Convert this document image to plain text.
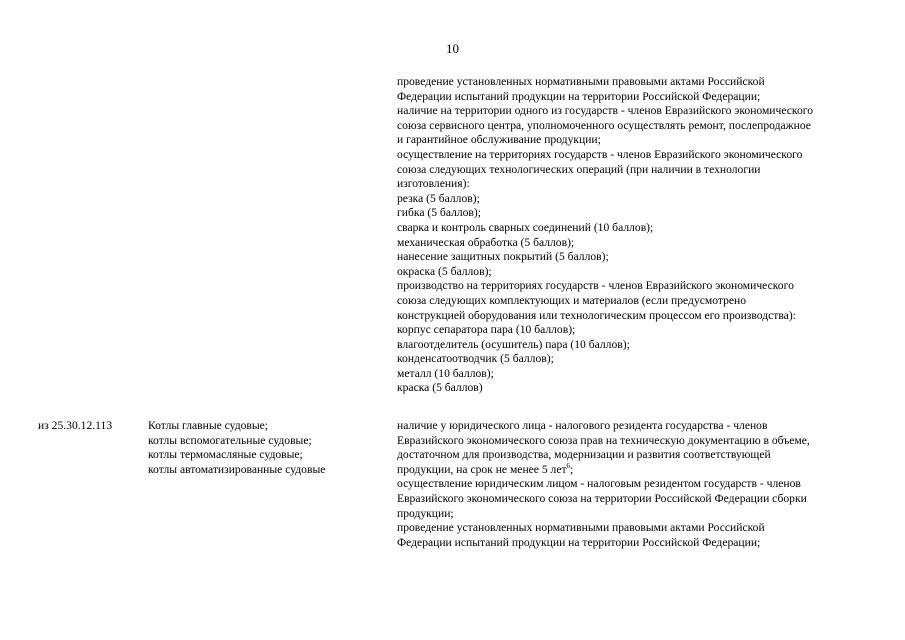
10
проведение установленных нормативными правовыми актами Российской
Федерации испытаний продукции на территории Российской Федерации;
наличие на территории одного из государств - членов Евразийского экономического
союза сервисного центра, уполномоченного осуществлять ремонт, послепродажное
и гарантийное обслуживание продукции;
осуществление на территориях государств - членов Евразийского экономического
союза следующих технологических операций (при наличии в технологии
изготовления):
резка (5 баллов);
гибка (5 баллов);
сварка и контроль сварных соединений (10 баллов);
механическая обработка (5 баллов);
нанесение защитных покрытий (5 баллов);
окраска (5 баллов);
производство на территориях государств - членов Евразийского экономического
союза следующих комплектующих и материалов (если предусмотрено
конструкцией оборудования или технологическим процессом его производства):
корпус сепаратора пара (10 баллов);
влагоотделитель (осушитель) пара (10 баллов);
конденсатоотводчик (5 баллов);
металл (10 баллов);
краска (5 баллов)
из 25.30.12.113	Котлы главные судовые;
котлы вспомогательные судовые;
котлы термомасляные судовые;
котлы автоматизированные судовые
наличие у юридического лица - налогового резидента государства - членов
Евразийского экономического союза прав на техническую документацию в объеме,
достаточном для производства, модернизации и развития соответствующей
продукции, на срок не менее 5 лет$^6$;
осуществление юридическим лицом - налоговым резидентом государств - членов
Евразийского экономического союза на территории Российской Федерации сборки
продукции;
проведение установленных нормативными правовыми актами Российской
Федерации испытаний продукции на территории Российской Федерации;
